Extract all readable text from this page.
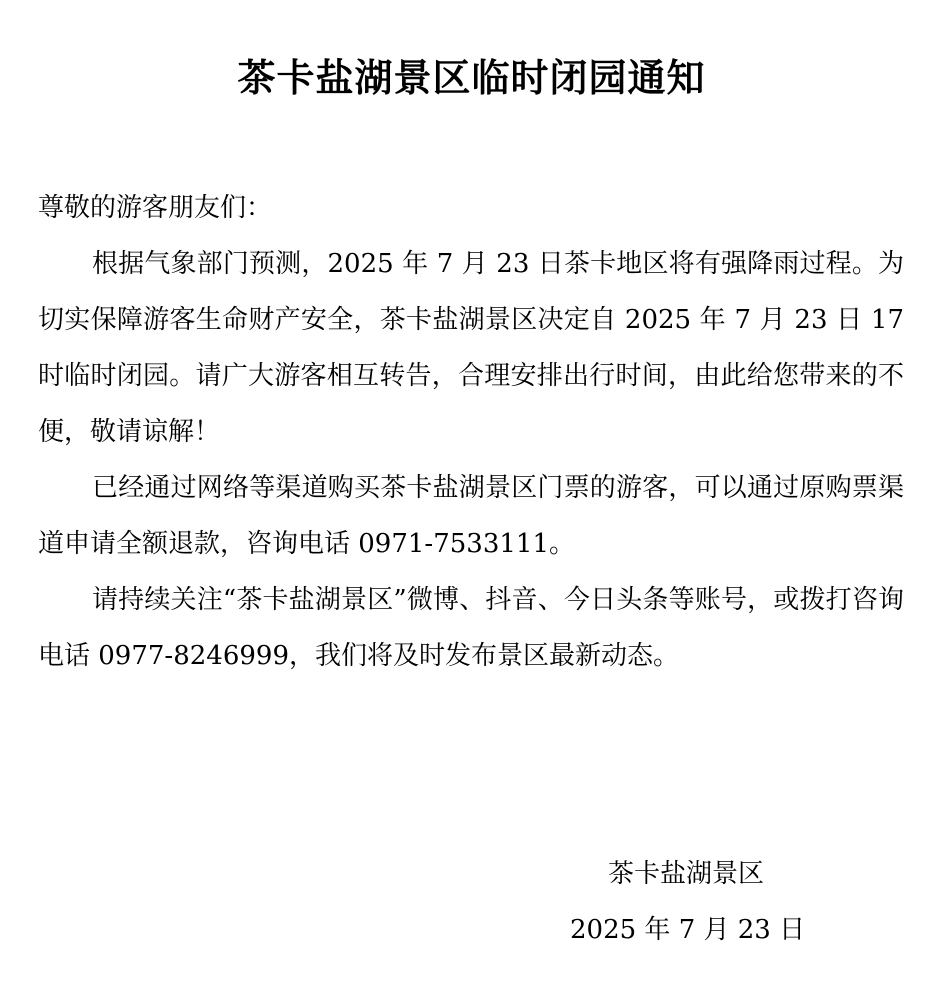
茶卡盐湖景区临时闭园通知

尊敬的游客朋友们：

根据气象部门预测，2025 年 7 月 23 日茶卡地区将有强降雨过程。为切实保障游客生命财产安全，茶卡盐湖景区决定自 2025 年 7 月 23 日 17 时临时闭园。请广大游客相互转告，合理安排出行时间，由此给您带来的不便，敬请谅解！

已经通过网络等渠道购买茶卡盐湖景区门票的游客，可以通过原购票渠道申请全额退款，咨询电话 0971-7533111。

请持续关注“茶卡盐湖景区”微博、抖音、今日头条等账号，或拨打咨询电话 0977-8246999，我们将及时发布景区最新动态。

茶卡盐湖景区
2025 年 7 月 23 日
